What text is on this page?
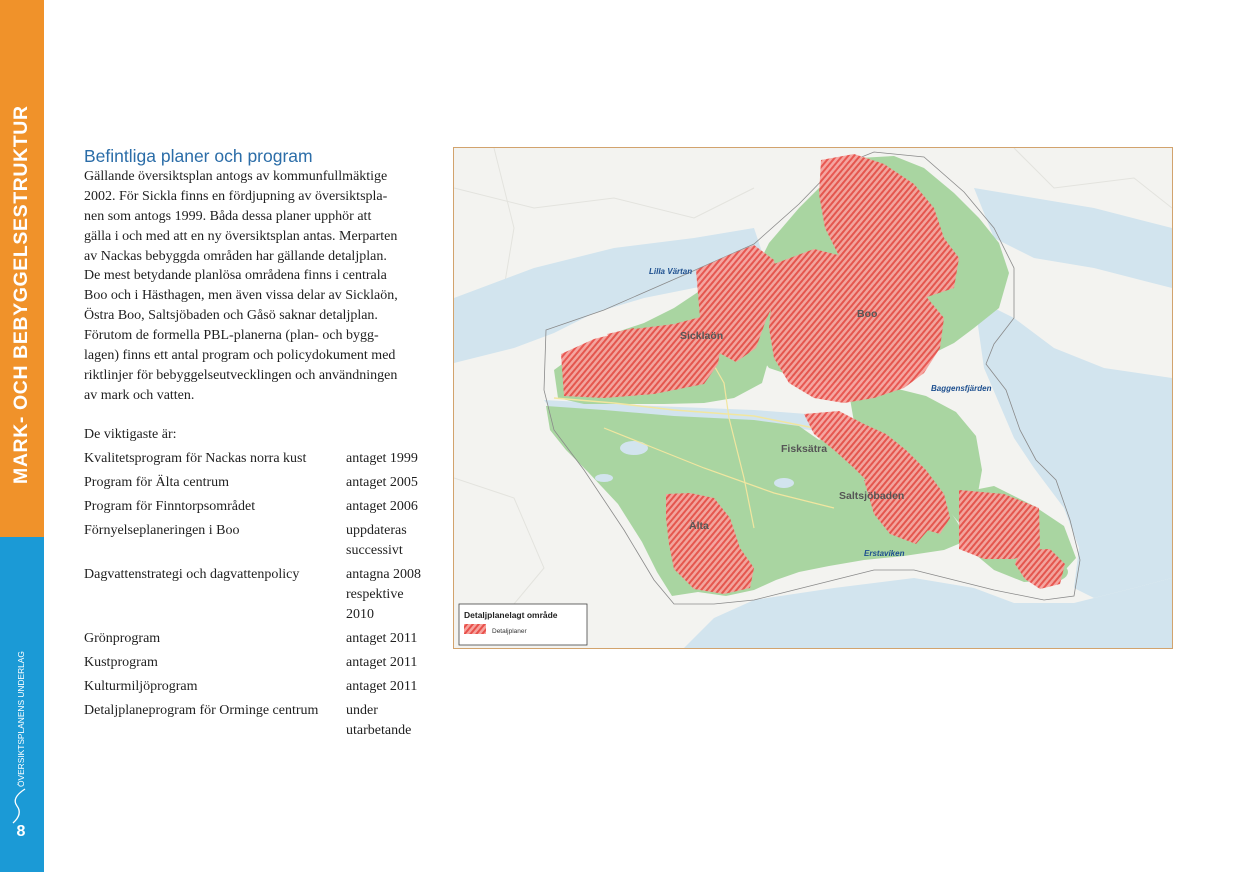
MARK- OCH BEBYGGELSESTRUKTUR
ÖVERSIKTSPLANENS UNDERLAG
8
Befintliga planer och program
Gällande översiktsplan antogs av kommunfullmäktige
2002. För Sickla finns en fördjupning av översiktspla-
nen som antogs 1999. Båda dessa planer upphör att
gälla i och med att en ny översiktsplan antas. Merparten
av Nackas bebyggda områden har gällande detaljplan.
De mest betydande planlösa områdena finns i centrala
Boo och i Hästhagen, men även vissa delar av Sicklaön,
Östra Boo, Saltsjöbaden och Gåsö saknar detaljplan.
Förutom de formella PBL-planerna (plan- och bygg-
lagen) finns ett antal program och policydokument med
riktlinjer för bebyggelseutvecklingen och användningen
av mark och vatten.
De viktigaste är:
Kvalitetsprogram för Nackas norra kust	antaget 1999
Program för Älta centrum	antaget 2005
Program för Finntorpsområdet	antaget 2006
Förnyelseplaneringen i Boo	uppdateras
successivt
Dagvattenstrategi och dagvattenpolicy	antagna 2008
respektive
2010
Grönprogram	antaget 2011
Kustprogram	antaget 2011
Kulturmiljöprogram	antaget 2011
Detaljplaneprogram för Orminge centrum	under
utarbetande
Lilla Värtan
Sicklaön
Boo
Baggensfjärden
Fisksätra
Saltsjöbaden
Älta
Erstaviken
Detaljplanelagt område
Detaljplaner
